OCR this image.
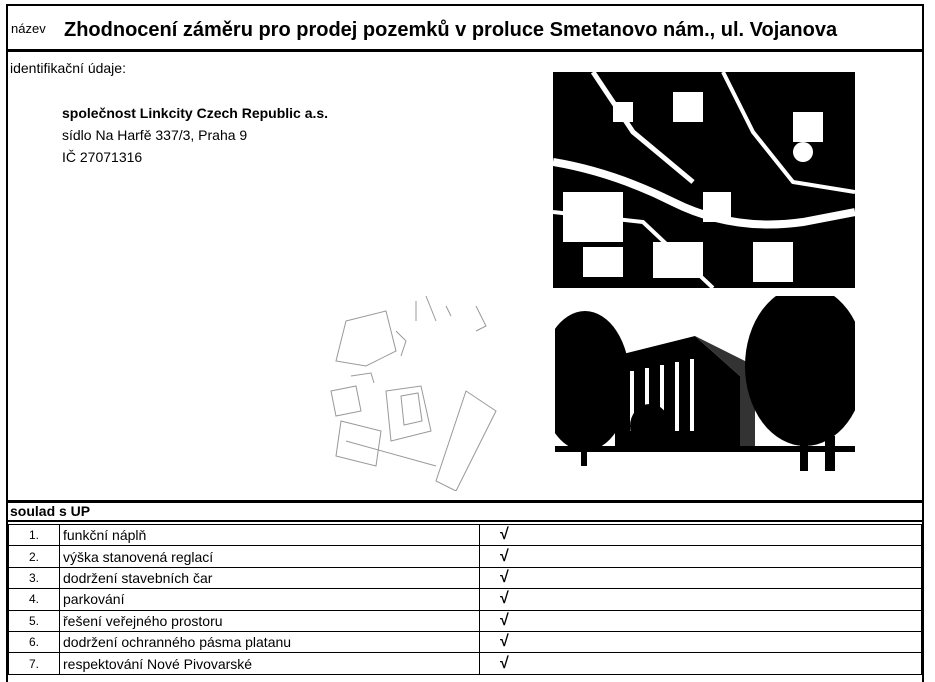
název Zhodnocení záměru pro prodej pozemků v proluce Smetanovo nám., ul. Vojanova
identifikační údaje:
společnost Linkcity Czech Republic a.s.
sídlo Na Harfě 337/3, Praha 9
IČ 27071316
soulad s UP
1.	funkční náplň	√	
2.	výška stanovená reglací	√	
3.	dodržení stavebních čar	√	
4.	parkování	√	
5.	řešení veřejného prostoru	√	
6.	dodržení ochranného pásma platanu	√	
7.	respektování Nové Pivovarské	√	
